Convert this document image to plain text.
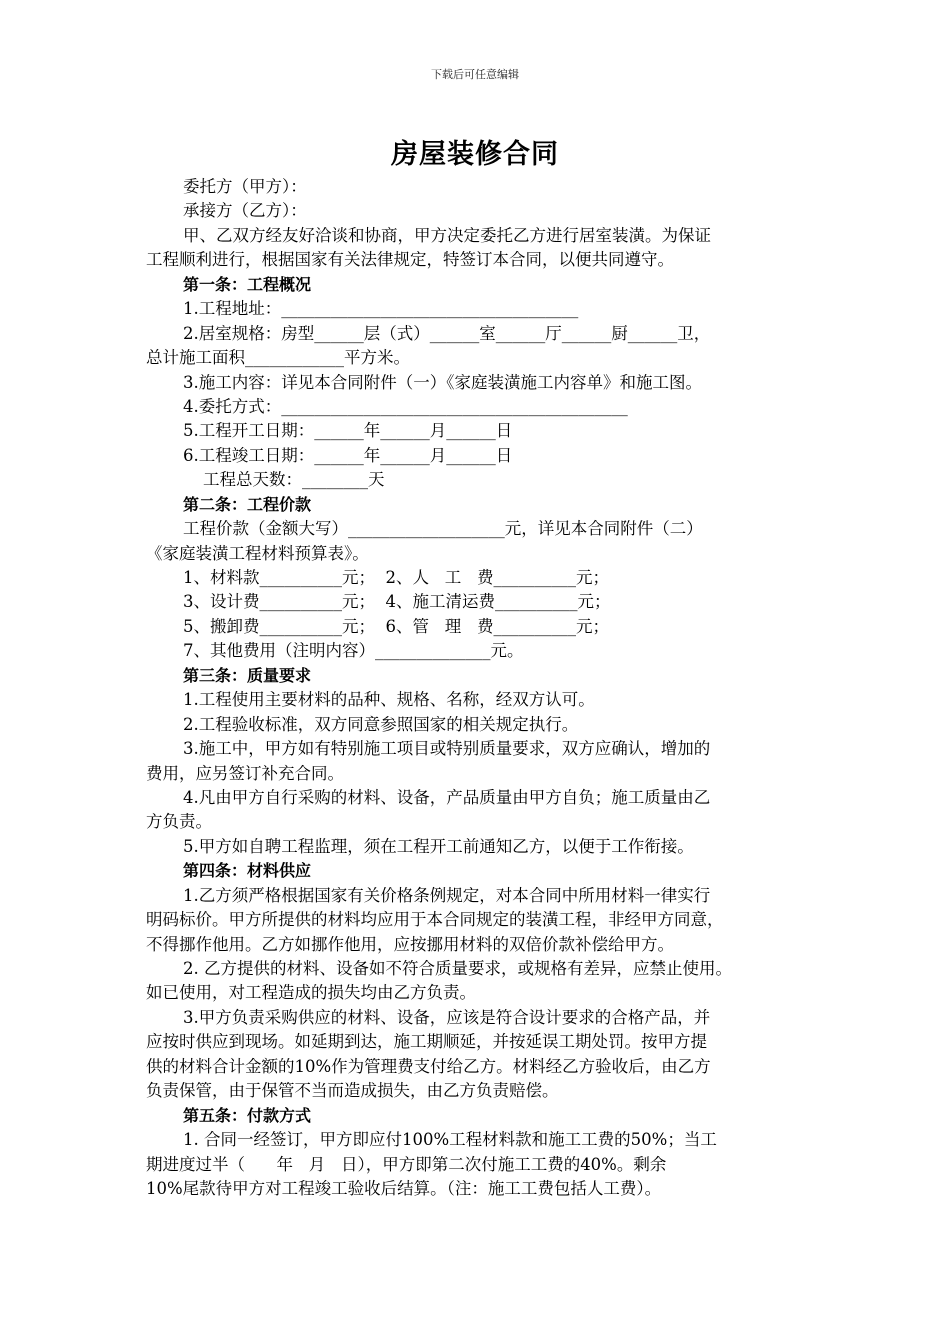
下载后可任意编辑
房屋装修合同
委托方（甲方）：
承接方（乙方）：
甲、乙双方经友好洽谈和协商，甲方决定委托乙方进行居室装潢。为保证
工程顺利进行，根据国家有关法律规定，特签订本合同，以便共同遵守。
第一条：工程概况
1.工程地址：____________________________________
2.居室规格：房型______层（式）______室______厅______厨______卫，
总计施工面积____________平方米。
3.施工内容：详见本合同附件（一）《家庭装潢施工内容单》和施工图。
4.委托方式：__________________________________________
5.工程开工日期：______年______月______日
6.工程竣工日期：______年______月______日
工程总天数：________天
第二条：工程价款
工程价款（金额大写）___________________元，详见本合同附件（二）
《家庭装潢工程材料预算表》。
1、材料款__________元；  2、人   工   费__________元；
3、设计费__________元；  4、施工清运费__________元；
5、搬卸费__________元；  6、管   理   费__________元；
7、其他费用（注明内容）______________元。
第三条：质量要求
1.工程使用主要材料的品种、规格、名称，经双方认可。
2.工程验收标准，双方同意参照国家的相关规定执行。
3.施工中，甲方如有特别施工项目或特别质量要求，双方应确认，增加的
费用，应另签订补充合同。
4.凡由甲方自行采购的材料、设备，产品质量由甲方自负；施工质量由乙
方负责。
5.甲方如自聘工程监理，须在工程开工前通知乙方，以便于工作衔接。
第四条：材料供应
1.乙方须严格根据国家有关价格条例规定，对本合同中所用材料一律实行
明码标价。甲方所提供的材料均应用于本合同规定的装潢工程，非经甲方同意，
不得挪作他用。乙方如挪作他用，应按挪用材料的双倍价款补偿给甲方。
2. 乙方提供的材料、设备如不符合质量要求，或规格有差异，应禁止使用。
如已使用，对工程造成的损失均由乙方负责。
3.甲方负责采购供应的材料、设备，应该是符合设计要求的合格产品，并
应按时供应到现场。如延期到达，施工期顺延，并按延误工期处罚。按甲方提
供的材料合计金额的10%作为管理费支付给乙方。材料经乙方验收后，由乙方
负责保管，由于保管不当而造成损失，由乙方负责赔偿。
第五条：付款方式
1. 合同一经签订，甲方即应付100%工程材料款和施工工费的50%；当工
期进度过半（      年   月   日），甲方即第二次付施工工费的40%。剩余
10%尾款待甲方对工程竣工验收后结算。（注：施工工费包括人工费）。
